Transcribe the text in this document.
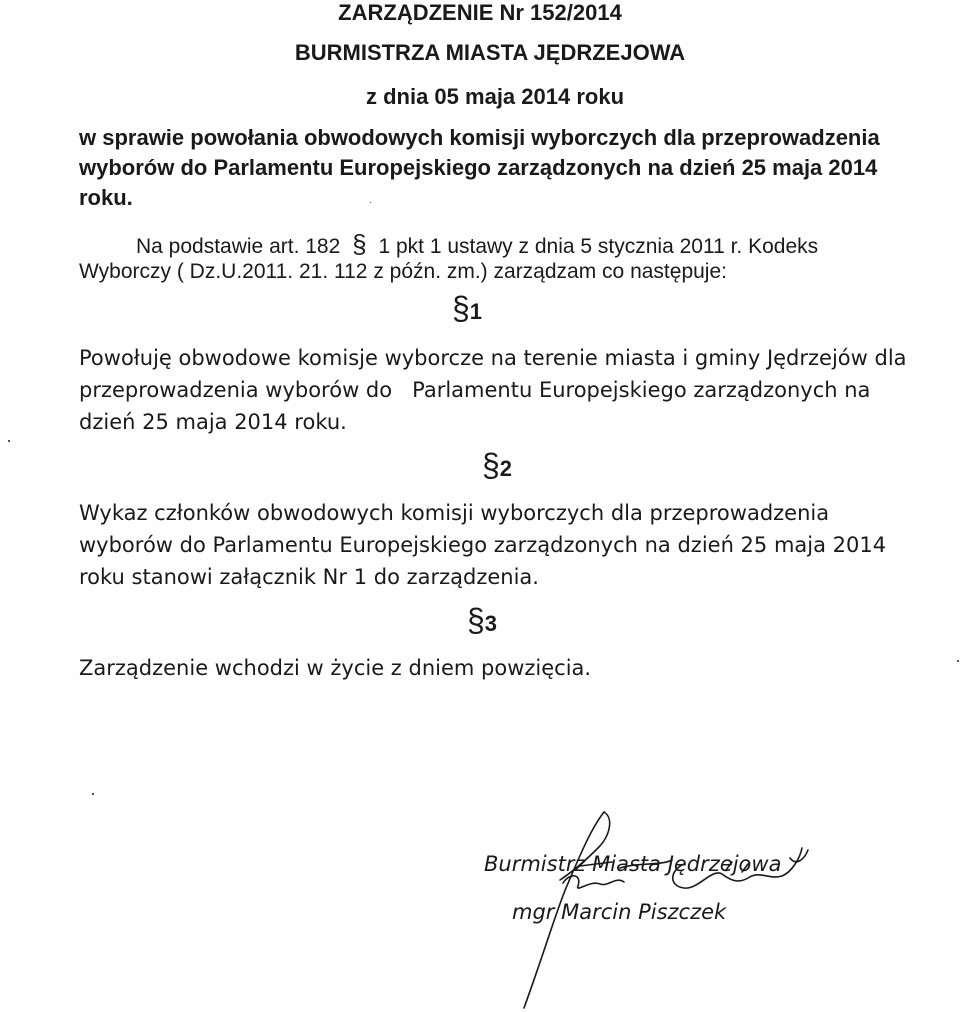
ZARZĄDZENIE Nr 152/2014
BURMISTRZA MIASTA JĘDRZEJOWA
z dnia 05 maja 2014 roku
w sprawie powołania obwodowych komisji wyborczych dla przeprowadzenia
wyborów do Parlamentu Europejskiego zarządzonych na dzień 25 maja 2014
roku.
Na podstawie art. 182 § 1 pkt 1 ustawy z dnia 5 stycznia 2011 r. Kodeks
Wyborczy ( Dz.U.2011. 21. 112 z późn. zm.) zarządzam co następuje:
§1
Powołuję obwodowe komisje wyborcze na terenie miasta i gminy Jędrzejów dla
przeprowadzenia wyborów do   Parlamentu Europejskiego zarządzonych na
dzień 25 maja 2014 roku.
§2
Wykaz członków obwodowych komisji wyborczych dla przeprowadzenia
wyborów do Parlamentu Europejskiego zarządzonych na dzień 25 maja 2014
roku stanowi załącznik Nr 1 do zarządzenia.
§3
Zarządzenie wchodzi w życie z dniem powzięcia.
Burmistrz Miasta Jędrzejowa
mgr Marcin Piszczek
